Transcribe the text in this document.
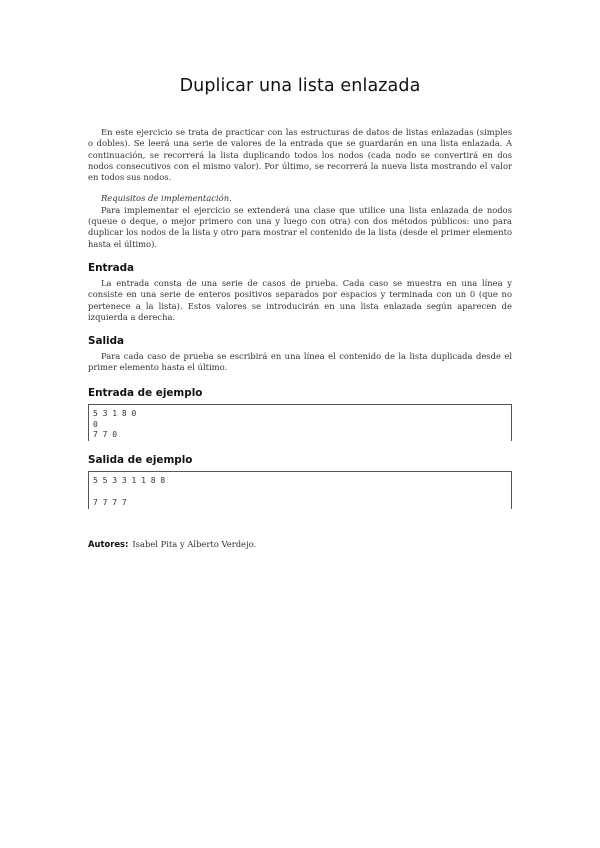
Duplicar una lista enlazada

En este ejercicio se trata de practicar con las estructuras de datos de listas enlazadas (simples o dobles). Se leerá una serie de valores de la entrada que se guardarán en una lista enlazada. A continuación, se recorrerá la lista duplicando todos los nodos (cada nodo se convertirá en dos nodos consecutivos con el mismo valor). Por último, se recorrerá la nueva lista mostrando el valor en todos sus nodos.

Requisitos de implementación.

Para implementar el ejercicio se extenderá una clase que utilice una lista enlazada de nodos (queue o deque, o mejor primero con una y luego con otra) con dos métodos públicos: uno para duplicar los nodos de la lista y otro para mostrar el contenido de la lista (desde el primer elemento hasta el último).

Entrada

La entrada consta de una serie de casos de prueba. Cada caso se muestra en una línea y consiste en una serie de enteros positivos separados por espacios y terminada con un 0 (que no pertenece a la lista). Estos valores se introducirán en una lista enlazada según aparecen de izquierda a derecha.

Salida

Para cada caso de prueba se escribirá en una línea el contenido de la lista duplicada desde el primer elemento hasta el último.

Entrada de ejemplo
5 3 1 8 0
0
7 7 0
Salida de ejemplo
5 5 3 3 1 1 8 8
7 7 7 7
Autores: Isabel Pita y Alberto Verdejo.
